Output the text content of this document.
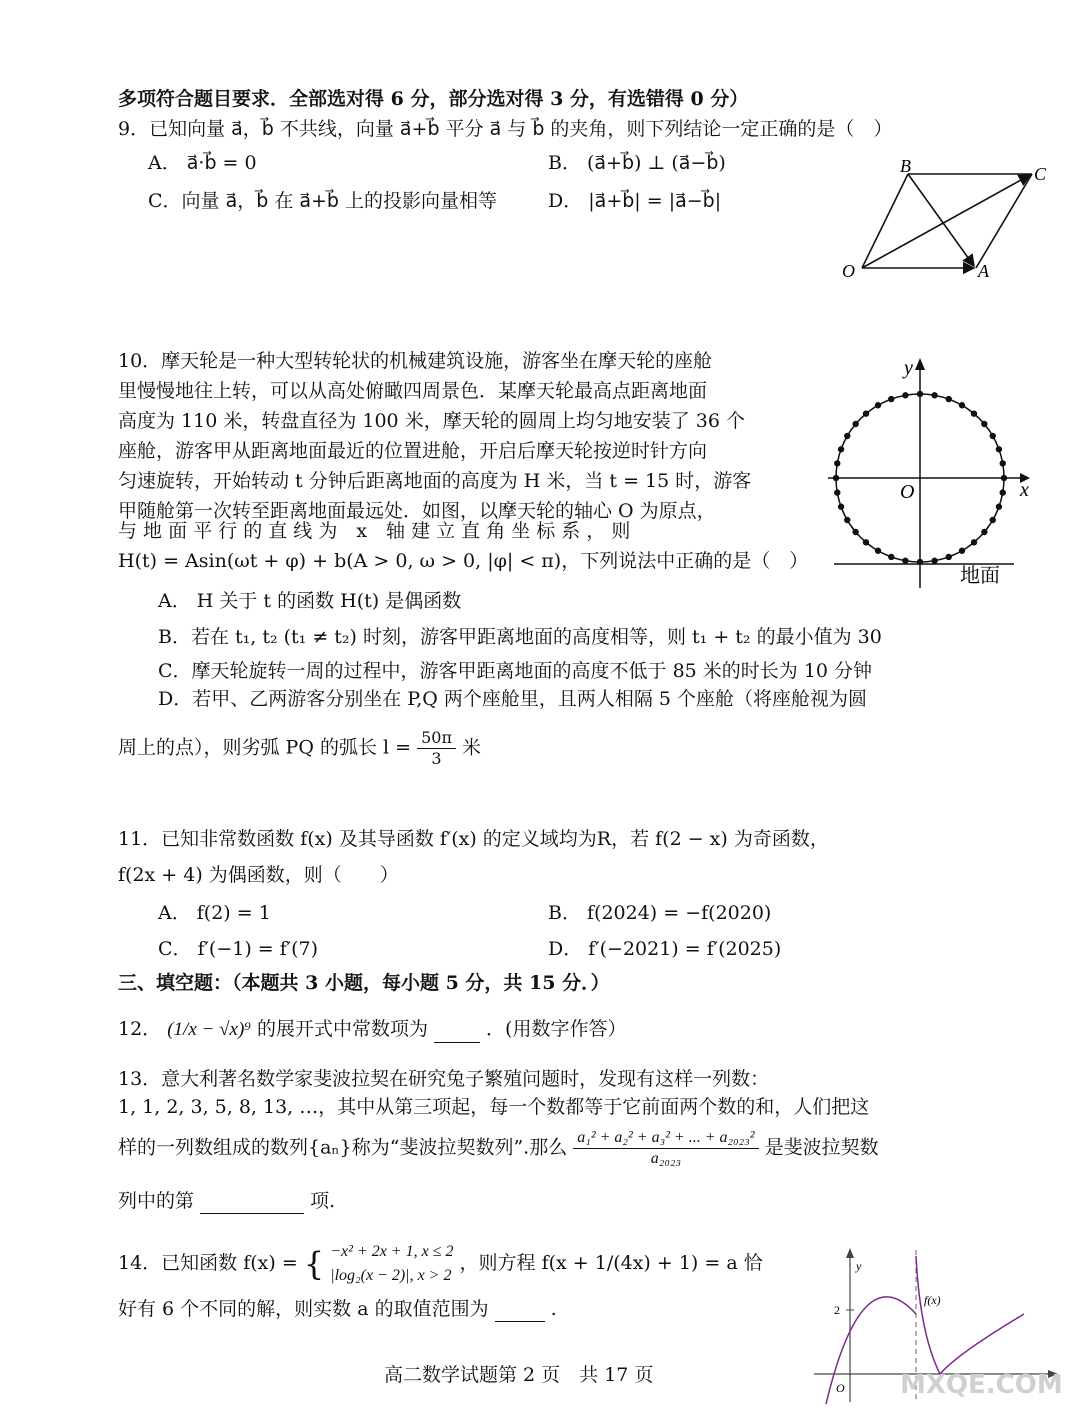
多项符合题目要求．全部选对得 6 分，部分选对得 3 分，有选错得 0 分）
9．已知向量 a⃗，b⃗ 不共线，向量 a⃗+b⃗ 平分 a⃗ 与 b⃗ 的夹角，则下列结论一定正确的是（　）
A． a⃗·b⃗ = 0	B． (a⃗+b⃗) ⊥ (a⃗−b⃗)
C．向量 a⃗，b⃗ 在 a⃗+b⃗ 上的投影向量相等	D． |a⃗+b⃗| = |a⃗−b⃗|
B	C
O	A
10．摩天轮是一种大型转轮状的机械建筑设施，游客坐在摩天轮的座舱
里慢慢地往上转，可以从高处俯瞰四周景色．某摩天轮最高点距离地面
高度为 110 米，转盘直径为 100 米，摩天轮的圆周上均匀地安装了 36 个
座舱，游客甲从距离地面最近的位置进舱，开启后摩天轮按逆时针方向
匀速旋转，开始转动 t 分钟后距离地面的高度为 H 米，当 t = 15 时，游客
甲随舱第一次转至距离地面最远处．如图，以摩天轮的轴心 O 为原点，
与 地 面 平 行 的 直 线 为　x　轴 建 立 直 角 坐 标 系 ， 则
H(t) = Asin(ωt + φ) + b(A > 0, ω > 0, |φ| < π)，下列说法中正确的是（　）
A． H 关于 t 的函数 H(t) 是偶函数
B．若在 t₁, t₂ (t₁ ≠ t₂) 时刻，游客甲距离地面的高度相等，则 t₁ + t₂ 的最小值为 30
C．摩天轮旋转一周的过程中，游客甲距离地面的高度不低于 85 米的时长为 10 分钟
D．若甲、乙两游客分别坐在 P,Q 两个座舱里，且两人相隔 5 个座舱（将座舱视为圆
周上的点），则劣弧 PQ 的弧长 $l = \frac{50\pi}{3}$ 米
y
x
O
地面
11．已知非常数函数 f(x) 及其导函数 f′(x) 的定义域均为R，若 f(2 − x) 为奇函数，
f(2x + 4) 为偶函数，则（　　）
A． f(2) = 1	B． f(2024) = −f(2020)
C． f′(−1) = f′(7)	D． f′(−2021) = f′(2025)
三、填空题：（本题共 3 小题，每小题 5 分，共 15 分．）
12． (1/x − √x)⁹ 的展开式中常数项为	．(用数字作答）
13．意大利著名数学家斐波拉契在研究兔子繁殖问题时，发现有这样一列数：
1, 1, 2, 3, 5, 8, 13, …，其中从第三项起，每一个数都等于它前面两个数的和，人们把这
样的一列数组成的数列{aₙ}称为“斐波拉契数列”.那么 $\frac{\text{a₁² + a₂² + a₃² + ... + a₂₀₂₃²}}{\text{a₂₀₂₃}}$ 是斐波拉契数
列中的第	项.
14．已知函数 f(x) = { −x² + 2x + 1, x ≤ 2
|log₂(x − 2)|, x > 2
，则方程 f(x + 1/(4x) + 1) = a 恰
好有 6 个不同的解，则实数 a 的取值范围为	.
y
f(x)
2
O MXQE.COM
高二数学试题第 2 页　共 17 页
